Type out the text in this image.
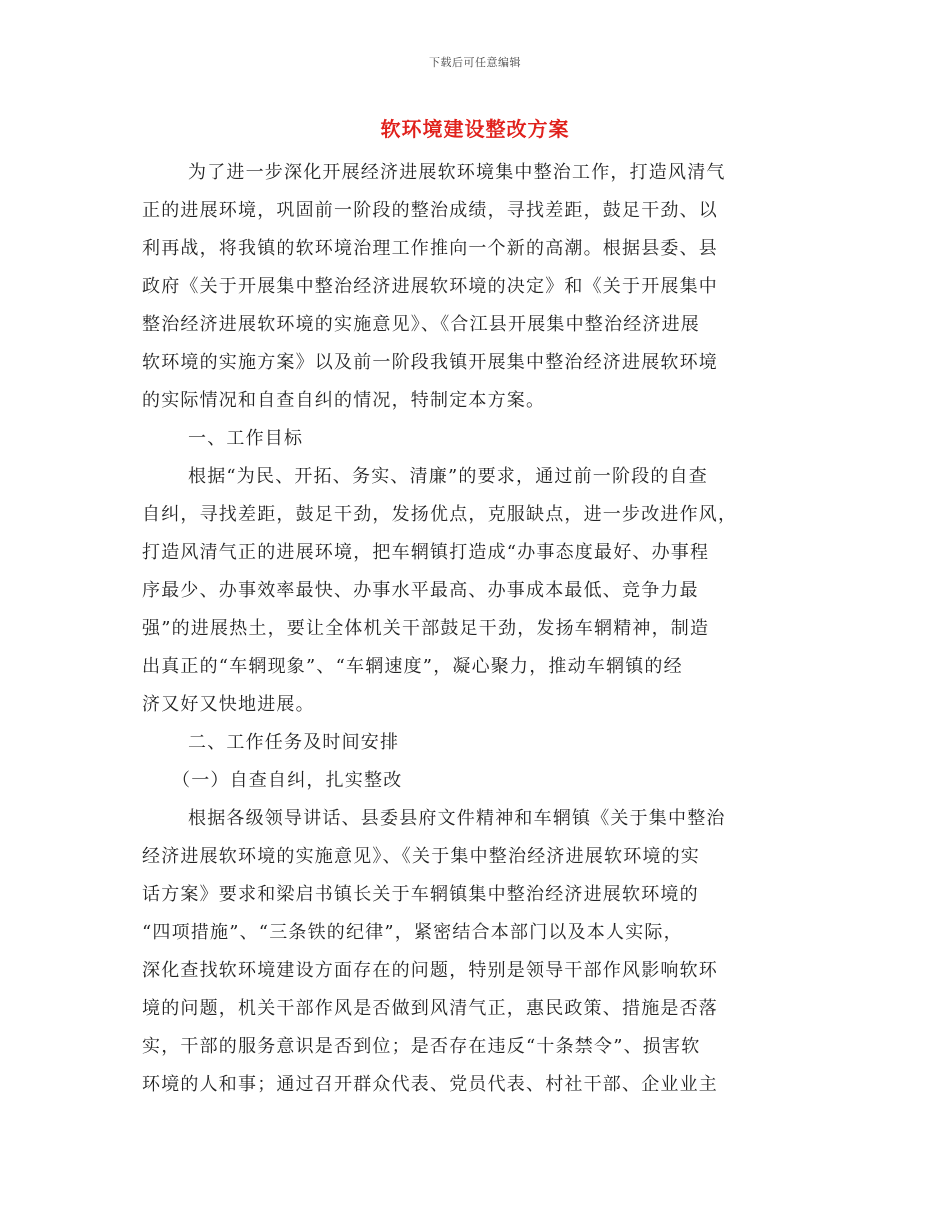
下载后可任意编辑
软环境建设整改方案
为了进一步深化开展经济进展软环境集中整治工作，打造风清气
正的进展环境，巩固前一阶段的整治成绩，寻找差距，鼓足干劲、以
利再战，将我镇的软环境治理工作推向一个新的高潮。根据县委、县
政府《关于开展集中整治经济进展软环境的决定》和《关于开展集中
整治经济进展软环境的实施意见》、《合江县开展集中整治经济进展
软环境的实施方案》以及前一阶段我镇开展集中整治经济进展软环境
的实际情况和自查自纠的情况，特制定本方案。
一、工作目标
根据“为民、开拓、务实、清廉”的要求，通过前一阶段的自查
自纠，寻找差距，鼓足干劲，发扬优点，克服缺点，进一步改进作风，
打造风清气正的进展环境，把车辋镇打造成“办事态度最好、办事程
序最少、办事效率最快、办事水平最高、办事成本最低、竞争力最
强”的进展热土，要让全体机关干部鼓足干劲，发扬车辋精神，制造
出真正的“车辋现象”、“车辋速度”，凝心聚力，推动车辋镇的经
济又好又快地进展。
二、工作任务及时间安排
（一）自查自纠，扎实整改
根据各级领导讲话、县委县府文件精神和车辋镇《关于集中整治
经济进展软环境的实施意见》、《关于集中整治经济进展软环境的实
话方案》要求和梁启书镇长关于车辋镇集中整治经济进展软环境的
“四项措施”、“三条铁的纪律”，紧密结合本部门以及本人实际，
深化查找软环境建设方面存在的问题，特别是领导干部作风影响软环
境的问题，机关干部作风是否做到风清气正，惠民政策、措施是否落
实，干部的服务意识是否到位；是否存在违反“十条禁令”、损害软
环境的人和事；通过召开群众代表、党员代表、村社干部、企业业主
